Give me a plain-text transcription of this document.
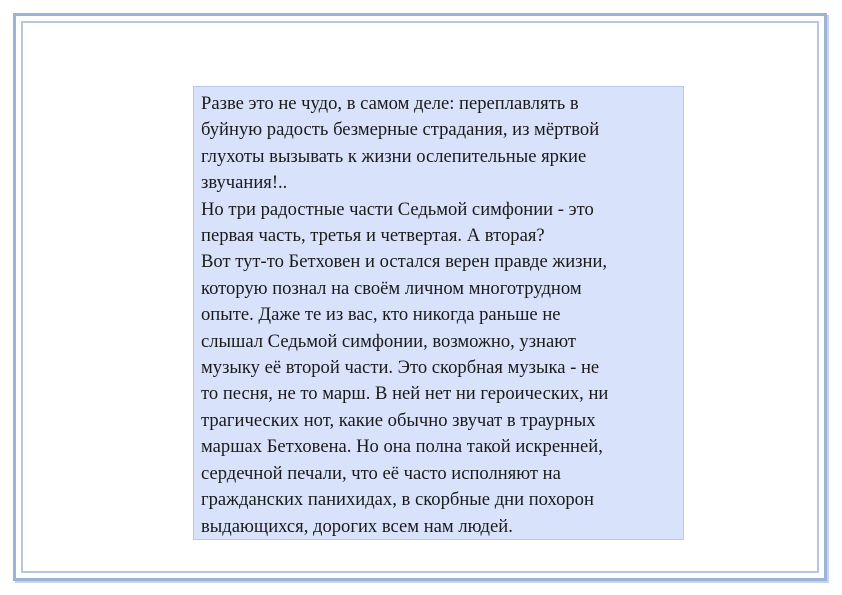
Разве это не чудо, в самом деле: переплавлять в
буйную радость безмерные страдания, из мёртвой
глухоты вызывать к жизни ослепительные яркие
звучания!..
Но три радостные части Седьмой симфонии - это
первая часть, третья и четвертая. А вторая?
Вот тут-то Бетховен и остался верен правде жизни,
которую познал на своём личном многотрудном
опыте. Даже те из вас, кто никогда раньше не
слышал Седьмой симфонии, возможно, узнают
музыку её второй части. Это скорбная музыка - не
то песня, не то марш. В ней нет ни героических, ни
трагических нот, какие обычно звучат в траурных
маршах Бетховена. Но она полна такой искренней,
сердечной печали, что её часто исполняют на
гражданских панихидах, в скорбные дни похорон
выдающихся, дорогих всем нам людей.
